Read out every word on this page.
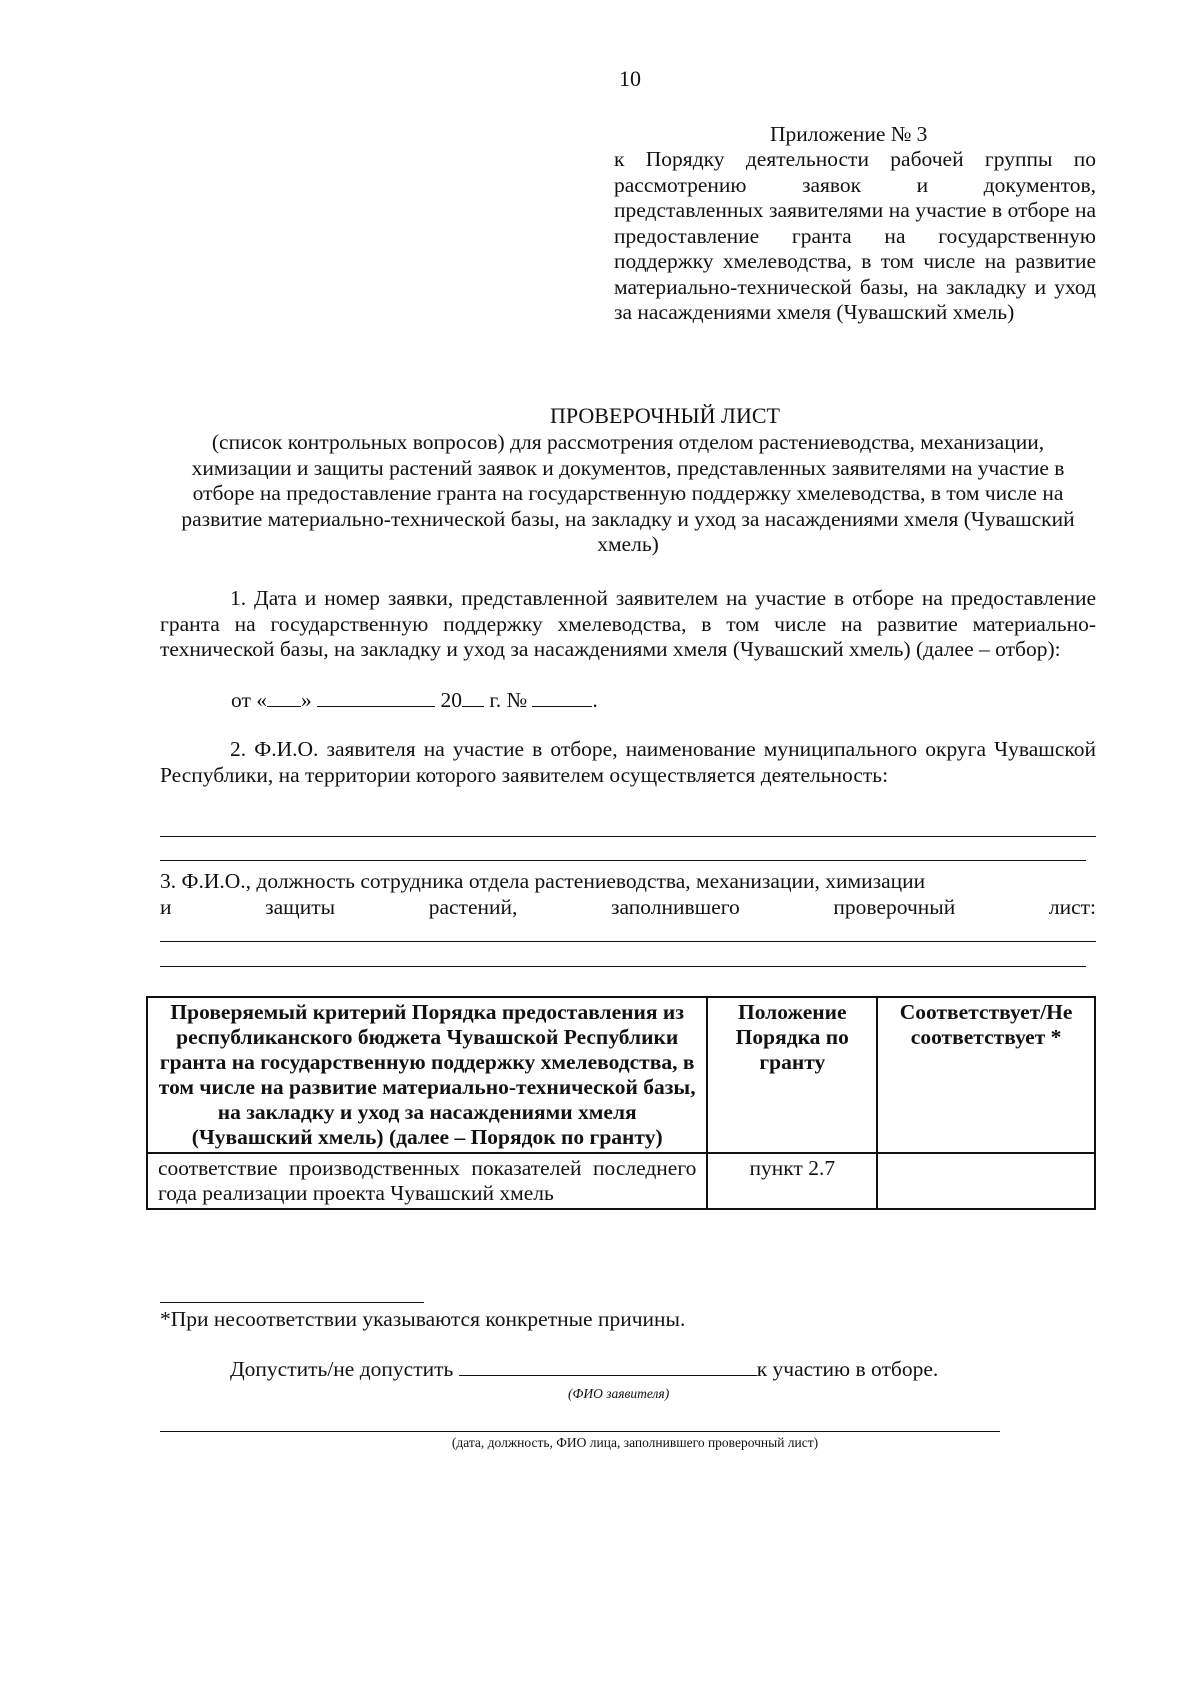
10
Приложение № 3
к Порядку деятельности рабочей группы по рассмотрению заявок и документов, представленных заявителями на участие в отборе на предоставление гранта на государственную поддержку хмелеводства, в том числе на развитие материально-технической базы, на закладку и уход за насаждениями хмеля (Чувашский хмель)
ПРОВЕРОЧНЫЙ ЛИСТ
(список контрольных вопросов) для рассмотрения отделом растениеводства, механизации, химизации и защиты растений заявок и документов, представленных заявителями на участие в отборе на предоставление гранта на государственную поддержку хмелеводства, в том числе на развитие материально-технической базы, на закладку и уход за насаждениями хмеля (Чувашский хмель)
1. Дата и номер заявки, представленной заявителем на участие в отборе на предоставление гранта на государственную поддержку хмелеводства, в том числе на развитие материально-технической базы, на закладку и уход за насаждениями хмеля (Чувашский хмель) (далее – отбор):
от « »	20 г. №	.
2. Ф.И.О. заявителя на участие в отборе, наименование муниципального округа Чувашской Республики, на территории которого заявителем осуществляется деятельность:
3. Ф.И.О., должность сотрудника отдела растениеводства, механизации, химизации
и защиты растений, заполнившего проверочный лист:
Проверяемый критерий Порядка предоставления из республиканского бюджета Чувашской Республики гранта на государственную поддержку хмелеводства, в том числе на развитие материально-технической базы, на закладку и уход за насаждениями хмеля (Чувашский хмель) (далее – Порядок по гранту)	Положение Порядка по гранту	Соответствует/Не соответствует *
соответствие производственных показателей последнего года реализации проекта Чувашский хмель	пункт 2.7	
*При несоответствии указываются конкретные причины.
Допустить/не допустить	к участию в отборе.
(ФИО заявителя)
(дата, должность, ФИО лица, заполнившего проверочный лист)
